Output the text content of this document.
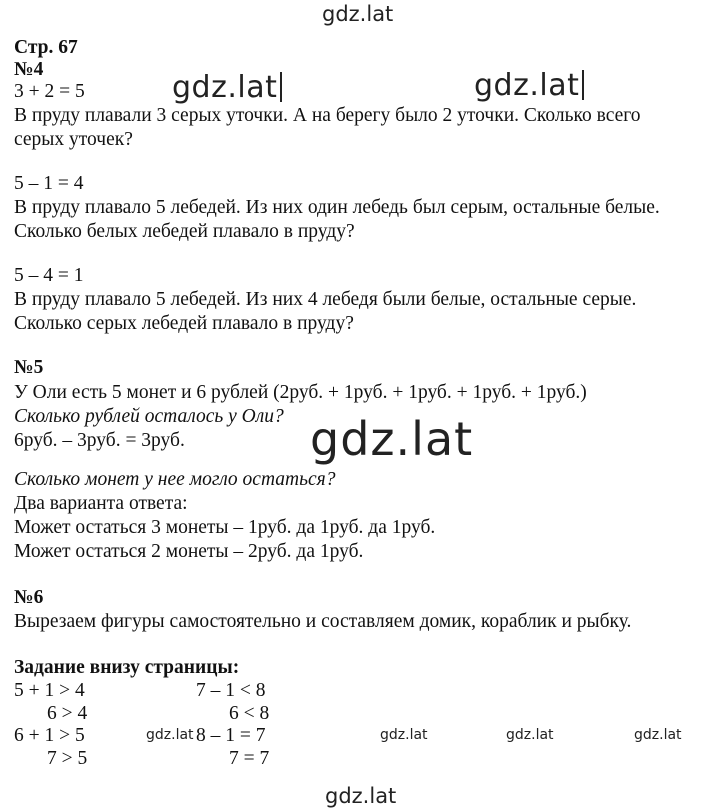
gdz.lat
gdz.lat	gdz.lat
gdz.lat
Стр. 67
№4
3 + 2 = 5
В пруду плавали 3 серых уточки. А на берегу было 2 уточки. Сколько всего
серых уточек?
5 – 1 = 4
В пруду плавало 5 лебедей. Из них один лебедь был серым, остальные белые.
Сколько белых лебедей плавало в пруду?
5 – 4 = 1
В пруду плавало 5 лебедей. Из них 4 лебедя были белые, остальные серые.
Сколько серых лебедей плавало в пруду?
№5
У Оли есть 5 монет и 6 рублей (2руб. + 1руб. + 1руб. + 1руб. + 1руб.)
Сколько рублей осталось у Оли?
6руб. – 3руб. = 3руб.
Сколько монет у нее могло остаться?
Два варианта ответа:
Может остаться 3 монеты – 1руб. да 1руб. да 1руб.
Может остаться 2 монеты – 2руб. да 1руб.
№6
Вырезаем фигуры самостоятельно и составляем домик, кораблик и рыбку.
Задание внизу страницы:
5 + 1 > 4
6 > 4
6 + 1 > 5
7 > 5
7 – 1 < 8
6 < 8
8 – 1 = 7
7 = 7
gdz.lat	gdz.lat	gdz.lat	gdz.lat
gdz.lat
